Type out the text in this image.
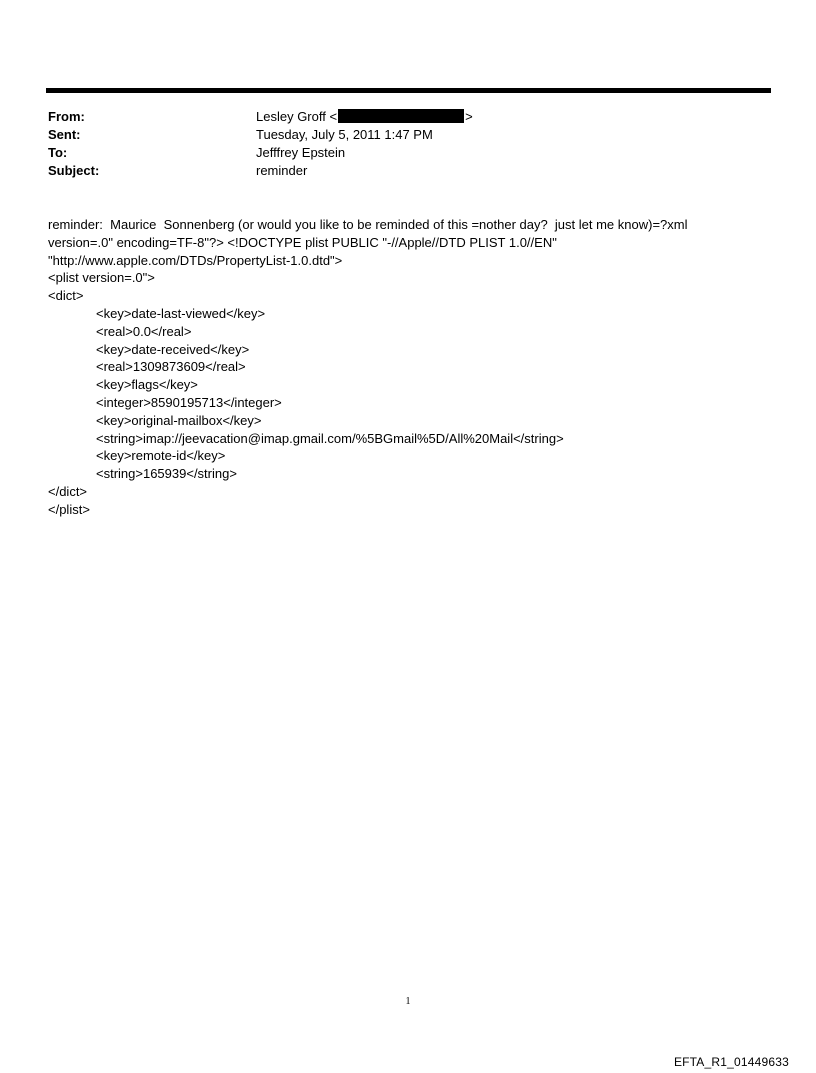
From:	Lesley Groff <	>
Sent:	Tuesday, July 5, 2011 1:47 PM
To:	Jefffrey Epstein
Subject:	reminder
reminder:  Maurice  Sonnenberg (or would you like to be reminded of this =nother day?  just let me know)=?xml
version=.0" encoding=TF-8"?> <!DOCTYPE plist PUBLIC "-//Apple//DTD PLIST 1.0//EN"
"http://www.apple.com/DTDs/PropertyList-1.0.dtd">
<plist version=.0">
<dict>
<key>date-last-viewed</key>
<real>0.0</real>
<key>date-received</key>
<real>1309873609</real>
<key>flags</key>
<integer>8590195713</integer>
<key>original-mailbox</key>
<string>imap://jeevacation@imap.gmail.com/%5BGmail%5D/All%20Mail</string>
<key>remote-id</key>
<string>165939</string>
</dict>
</plist>
1
EFTA_R1_01449633
